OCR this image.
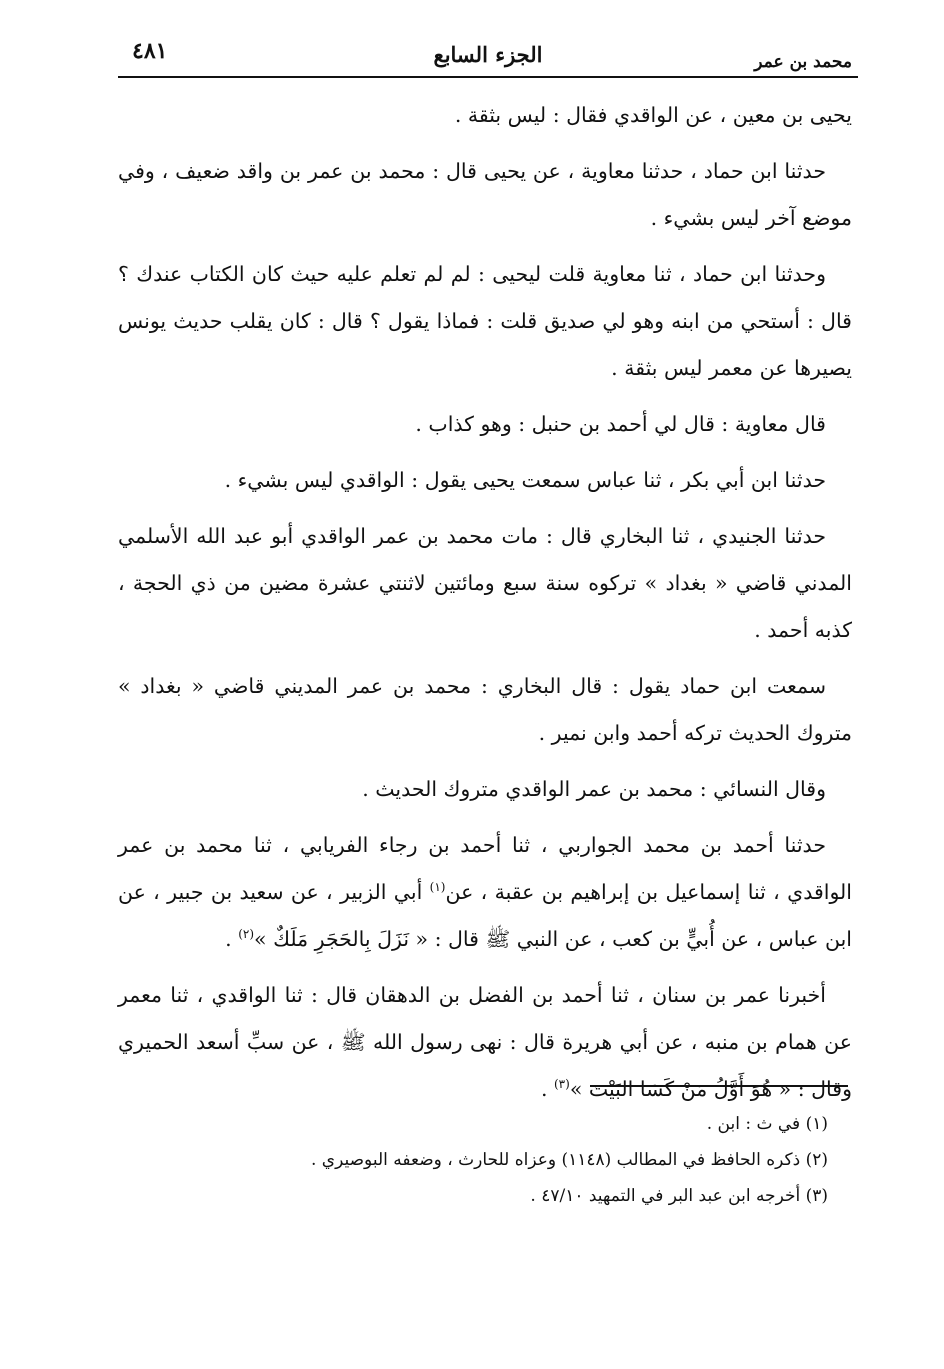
محمد بن عمر
الجزء السابع
٤٨١

يحيى بن معين ، عن الواقدي فقال : ليس بثقة .

حدثنا ابن حماد ، حدثنا معاوية ، عن يحيى قال : محمد بن عمر بن واقد ضعيف ، وفي موضع آخر ليس بشيء .

وحدثنا ابن حماد ، ثنا معاوية قلت ليحيى : لم لم تعلم عليه حيث كان الكتاب عندك ؟ قال : أستحي من ابنه وهو لي صديق قلت : فماذا يقول ؟ قال : كان يقلب حديث يونس يصيرها عن معمر ليس بثقة .

قال معاوية : قال لي أحمد بن حنبل : وهو كذاب .

حدثنا ابن أبي بكر ، ثنا عباس سمعت يحيى يقول : الواقدي ليس بشيء .

حدثنا الجنيدي ، ثنا البخاري قال : مات محمد بن عمر الواقدي أبو عبد الله الأسلمي المدني قاضي « بغداد » تركوه سنة سبع ومائتين لاثنتي عشرة مضين من ذي الحجة ، كذبه أحمد .

سمعت ابن حماد يقول : قال البخاري : محمد بن عمر المديني قاضي « بغداد » متروك الحديث تركه أحمد وابن نمير .

وقال النسائي : محمد بن عمر الواقدي متروك الحديث .

حدثنا أحمد بن محمد الجواربي ، ثنا أحمد بن رجاء الفريابي ، ثنا محمد بن عمر الواقدي ، ثنا إسماعيل بن إبراهيم بن عقبة ، عن$^{(١)}$ أبي الزبير ، عن سعيد بن جبير ، عن ابن عباس ، عن أُبيٍّ بن كعب ، عن النبي ﷺ قال : « نَزَلَ بِالحَجَرِ مَلَكٌ »$^{(٢)}$ .

أخبرنا عمر بن سنان ، ثنا أحمد بن الفضل بن الدهقان قال : ثنا الواقدي ، ثنا معمر عن همام بن منبه ، عن أبي هريرة قال : نهى رسول الله ﷺ ، عن سبِّ أسعد الحميري وقال : « هُوَ أَوَّلُ مَنْ كَسَا البَيْتَ »$^{(٣)}$ .

(١) في ث : ابن .

(٢) ذكره الحافظ في المطالب (١١٤٨) وعزاه للحارث ، وضعفه البوصيري .

(٣) أخرجه ابن عبد البر في التمهيد ٤٧/١٠ .
